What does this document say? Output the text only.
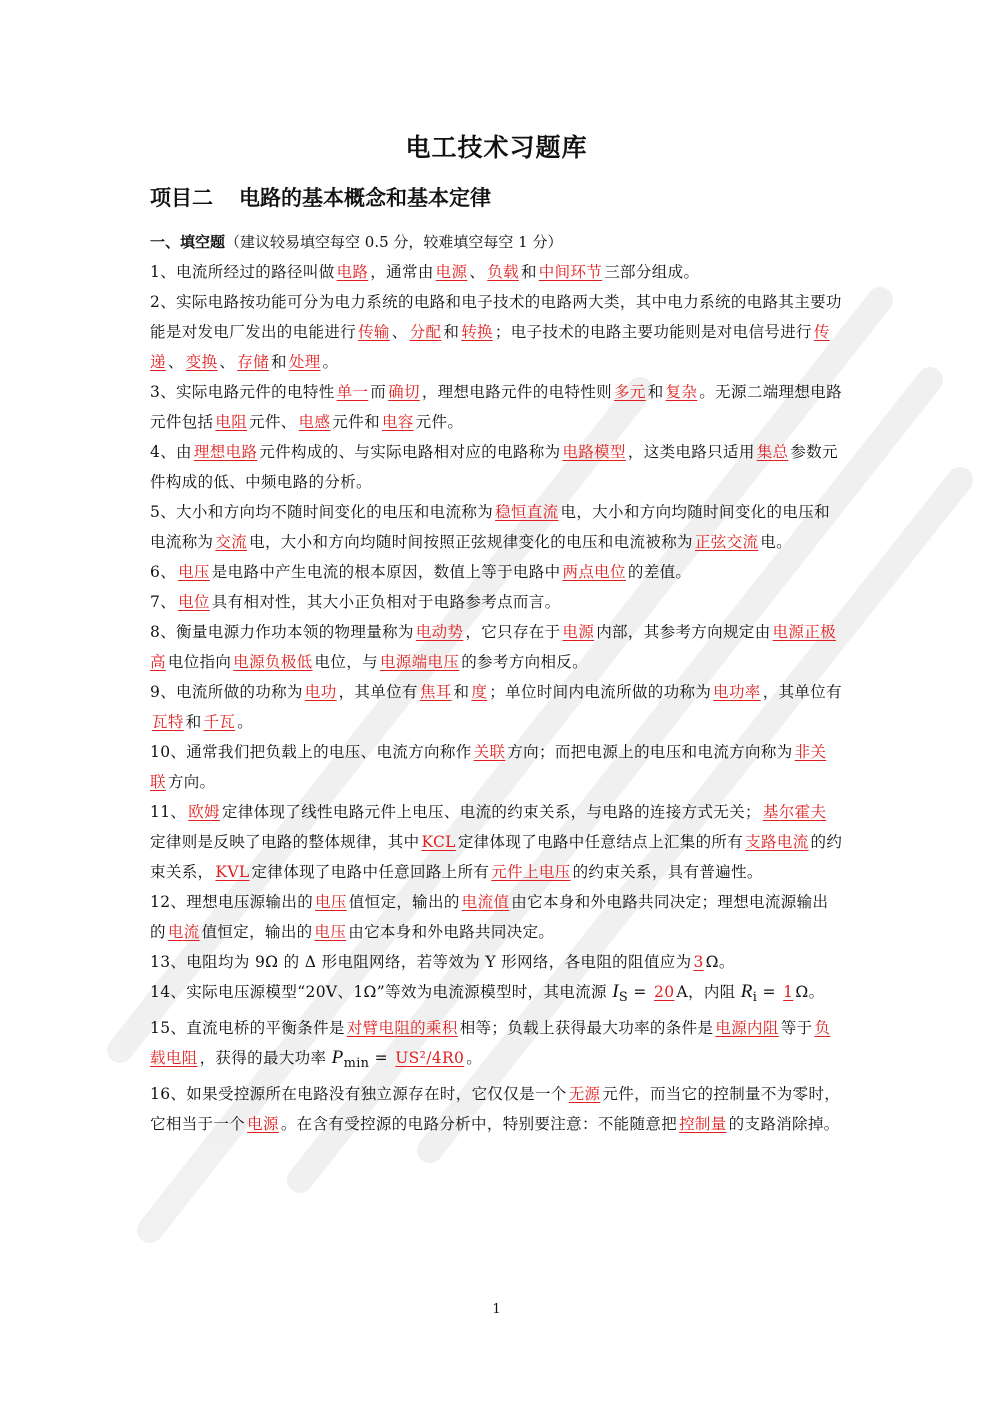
电工技术习题库
项目二 电路的基本概念和基本定律
一、填空题（建议较易填空每空 0.5 分，较难填空每空 1 分）

1、电流所经过的路径叫做 电路 ，通常由 电源 、 负载 和 中间环节 三部分组成。

2、实际电路按功能可分为电力系统的电路和电子技术的电路两大类，其中电力系统的电路其主要功能是对发电厂发出的电能进行 传输 、 分配 和 转换 ；电子技术的电路主要功能则是对电信号进行 传递 、 变换 、 存储 和 处理 。

3、实际电路元件的电特性 单一 而 确切 ，理想电路元件的电特性则 多元 和 复杂 。无源二端理想电路元件包括 电阻 元件、 电感 元件和 电容 元件。

4、由 理想电路 元件构成的、与实际电路相对应的电路称为 电路模型 ，这类电路只适用 集总 参数元件构成的低、中频电路的分析。

5、大小和方向均不随时间变化的电压和电流称为 稳恒直流 电，大小和方向均随时间变化的电压和电流称为 交流 电，大小和方向均随时间按照正弦规律变化的电压和电流被称为 正弦交流 电。

6、 电压 是电路中产生电流的根本原因，数值上等于电路中 两点电位 的差值。

7、 电位 具有相对性，其大小正负相对于电路参考点而言。

8、衡量电源力作功本领的物理量称为 电动势 ，它只存在于 电源 内部，其参考方向规定由 电源正极高 电位指向 电源负极低 电位，与 电源端电压 的参考方向相反。

9、电流所做的功称为 电功 ，其单位有 焦耳 和 度 ；单位时间内电流所做的功称为 电功率 ，其单位有瓦特 和 千瓦 。

10、通常我们把负载上的电压、电流方向称作 关联 方向；而把电源上的电压和电流方向称为 非关联 方向。

11、 欧姆 定律体现了线性电路元件上电压、电流的约束关系，与电路的连接方式无关； 基尔霍夫定律则是反映了电路的整体规律，其中 KCL 定律体现了电路中任意结点上汇集的所有 支路电流 的约束关系， KVL 定律体现了电路中任意回路上所有 元件上电压 的约束关系，具有普遍性。

12、理想电压源输出的 电压 值恒定，输出的 电流值 由它本身和外电路共同决定；理想电流源输出的 电流 值恒定，输出的 电压 由它本身和外电路共同决定。

13、电阻均为 9Ω 的 Δ 形电阻网络，若等效为 Y 形网络，各电阻的阻值应为 3 Ω。

14、实际电压源模型“20V、1Ω”等效为电流源模型时，其电流源 $I_S = 20$ A，内阻 $R_i = 1$ Ω。

15、直流电桥的平衡条件是 对臂电阻的乘积 相等；负载上获得最大功率的条件是 电源内阻 等于 负载电阻 ，获得的最大功率 $P_{min} = US^2/4R0$ 。

16、如果受控源所在电路没有独立源存在时，它仅仅是一个 无源 元件，而当它的控制量不为零时，它相当于一个 电源 。在含有受控源的电路分析中，特别要注意：不能随意把 控制量 的支路消除掉。

1
